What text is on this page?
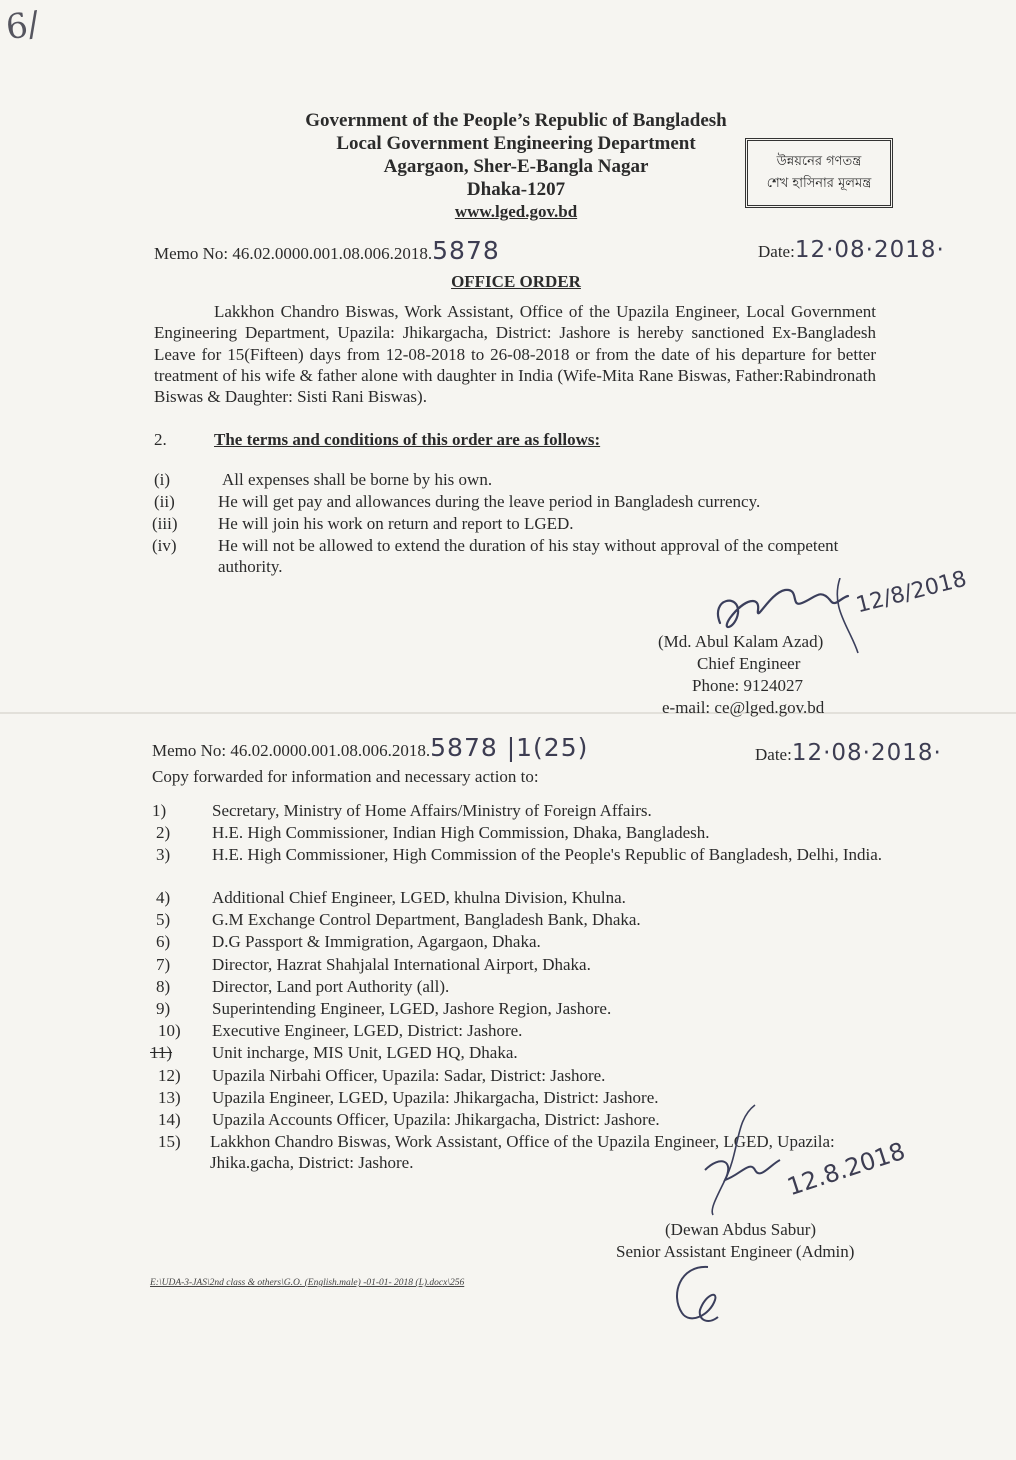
6/
Government of the People’s Republic of Bangladesh
Local Government Engineering Department
Agargaon, Sher-E-Bangla Nagar
Dhaka-1207
www.lged.gov.bd
উন্নয়নের গণতন্ত্র
শেখ হাসিনার মূলমন্ত্র
Memo No: 46.02.0000.001.08.006.2018.5878	Date:12·08·2018·
OFFICE ORDER
Lakkhon Chandro Biswas, Work Assistant, Office of the Upazila Engineer, Local Government Engineering Department, Upazila: Jhikargacha, District: Jashore is hereby sanctioned Ex-Bangladesh Leave for 15(Fifteen) days from 12-08-2018 to 26-08-2018 or from the date of his departure for better treatment of his wife & father alone with daughter in India (Wife-Mita Rane Biswas, Father:Rabindronath Biswas & Daughter: Sisti Rani Biswas).
2.	The terms and conditions of this order are as follows:
(i)	All expenses shall be borne by his own.
(ii)	He will get pay and allowances during the leave period in Bangladesh currency.
(iii) He will join his work on return and report to LGED.
(iv) He will not be allowed to extend the duration of his stay without approval of the competent authority.
12/8/2018
(Md. Abul Kalam Azad)
Chief Engineer
Phone: 9124027
e-mail: ce@lged.gov.bd
Memo No: 46.02.0000.001.08.006.2018.5878 |1(25)	Date:12·08·2018·
Copy forwarded for information and necessary action to:
1)	Secretary, Ministry of Home Affairs/Ministry of Foreign Affairs.
2) H.E. High Commissioner, Indian High Commission, Dhaka, Bangladesh.
3) H.E. High Commissioner, High Commission of the People's Republic of Bangladesh, Delhi, India.
4) Additional Chief Engineer, LGED, khulna Division, Khulna.
5) G.M Exchange Control Department, Bangladesh Bank, Dhaka.
6) D.G Passport & Immigration, Agargaon, Dhaka.
7) Director, Hazrat Shahjalal International Airport, Dhaka.
8) Director, Land port Authority (all).
9) Superintending Engineer, LGED, Jashore Region, Jashore.
10) Executive Engineer, LGED, District: Jashore.
11) Unit incharge, MIS Unit, LGED HQ, Dhaka.
12) Upazila Nirbahi Officer, Upazila: Sadar, District: Jashore.
13) Upazila Engineer, LGED, Upazila: Jhikargacha, District: Jashore.
14) Upazila Accounts Officer, Upazila: Jhikargacha, District: Jashore.
15) Lakkhon Chandro Biswas, Work Assistant, Office of the Upazila Engineer, LGED, Upazila: Jhika.gacha, District: Jashore.	12.8.2018
(Dewan Abdus Sabur)
Senior Assistant Engineer (Admin)
E:\UDA-3-JAS\2nd class & others\G.O. (English.male) -01-01- 2018 (L).docx\256
